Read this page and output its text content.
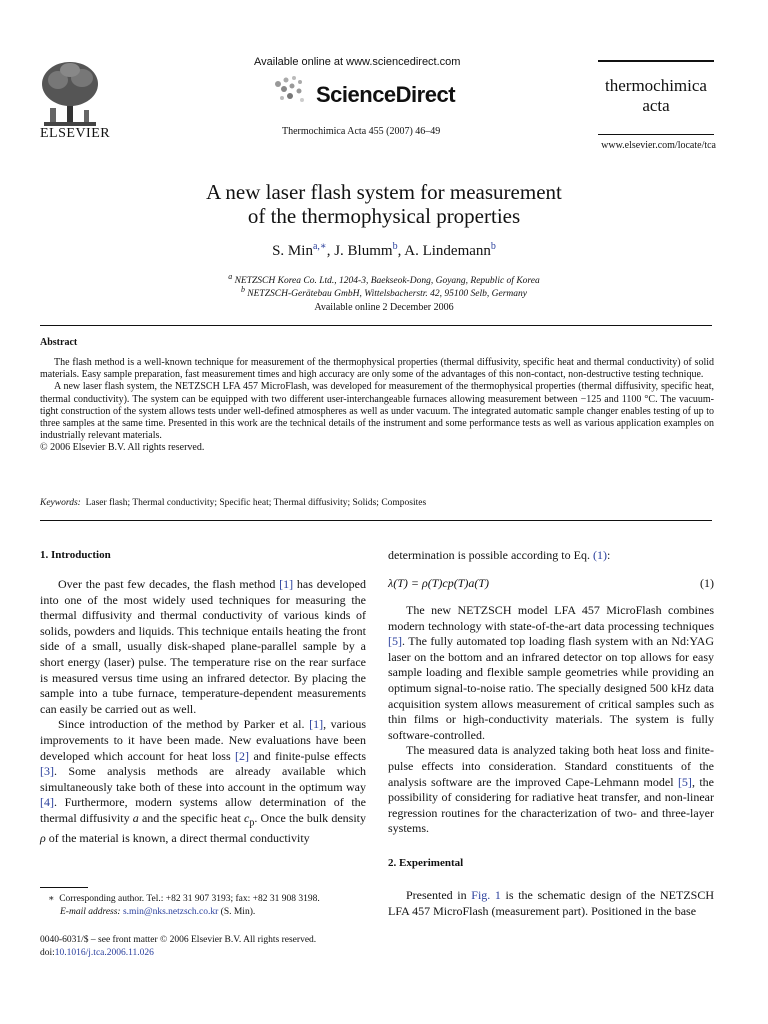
ELSEVIER
Available online at www.sciencedirect.com
ScienceDirect
Thermochimica Acta 455 (2007) 46–49
thermochimica
acta
www.elsevier.com/locate/tca
A new laser flash system for measurement
of the thermophysical properties
S. Min$^{a,∗}$, J. Blumm$^b$, A. Lindemann$^b$
$^a$ NETZSCH Korea Co. Ltd., 1204-3, Baekseok-Dong, Goyang, Republic of Korea
$^b$ NETZSCH-Gerätebau GmbH, Wittelsbacherstr. 42, 95100 Selb, Germany
Available online 2 December 2006
Abstract

The flash method is a well-known technique for measurement of the thermophysical properties (thermal diffusivity, specific heat and thermal conductivity) of solid materials. Easy sample preparation, fast measurement times and high accuracy are only some of the advantages of this non-contact, non-destructive testing technique.

A new laser flash system, the NETZSCH LFA 457 MicroFlash, was developed for measurement of the thermophysical properties (thermal diffusivity, specific heat, thermal conductivity). The system can be equipped with two different user-interchangeable furnaces allowing measurement between −125 and 1100 °C. The vacuum-tight construction of the system allows tests under well-defined atmospheres as well as under vacuum. The integrated automatic sample changer enables testing of up to three samples at the same time. Presented in this work are the technical details of the instrument and some performance tests as well as various application examples on industrially relevant materials.

© 2006 Elsevier B.V. All rights reserved.

Keywords: Laser flash; Thermal conductivity; Specific heat; Thermal diffusivity; Solids; Composites
1. Introduction

Over the past few decades, the flash method [1] has developed into one of the most widely used techniques for measuring the thermal diffusivity and thermal conductivity of various kinds of solids, powders and liquids. This technique entails heating the front side of a small, usually disk-shaped plane-parallel sample by a short energy (laser) pulse. The temperature rise on the rear surface is measured versus time using an infrared detector. By placing the sample into a tube furnace, temperature-dependent measurements can easily be carried out as well.

Since introduction of the method by Parker et al. [1], various improvements to it have been made. New evaluations have been developed which account for heat loss [2] and finite-pulse effects [3]. Some analysis methods are already available which simultaneously take both of these into account in the optimum way [4]. Furthermore, modern systems allow determination of the thermal diffusivity a and the specific heat $c_p$. Once the bulk density ρ of the material is known, a direct thermal conductivity

∗ Corresponding author. Tel.: +82 31 907 3193; fax: +82 31 908 3198.
E-mail address: s.min@nks.netzsch.co.kr (S. Min).
0040-6031/$ – see front matter © 2006 Elsevier B.V. All rights reserved.
doi:10.1016/j.tca.2006.11.026
determination is possible according to Eq. (1):
λ(T) = ρ(T)cp(T)a(T)	(1)

The new NETZSCH model LFA 457 MicroFlash combines modern technology with state-of-the-art data processing techniques [5]. The fully automated top loading flash system with an Nd:YAG laser on the bottom and an infrared detector on top allows for easy sample loading and flexible sample geometries while providing an optimum signal-to-noise ratio. The specially designed 500 kHz data acquisition system allows measurement of critical samples such as thin films or high-conductivity materials. The system is fully software-controlled.

The measured data is analyzed taking both heat loss and finite-pulse effects into consideration. Standard constituents of the analysis software are the improved Cape-Lehmann model [5], the possibility of considering for radiative heat transfer, and non-linear regression routines for the characterization of two- and three-layer systems.

2. Experimental

Presented in Fig. 1 is the schematic design of the NETZSCH LFA 457 MicroFlash (measurement part). Positioned in the base
